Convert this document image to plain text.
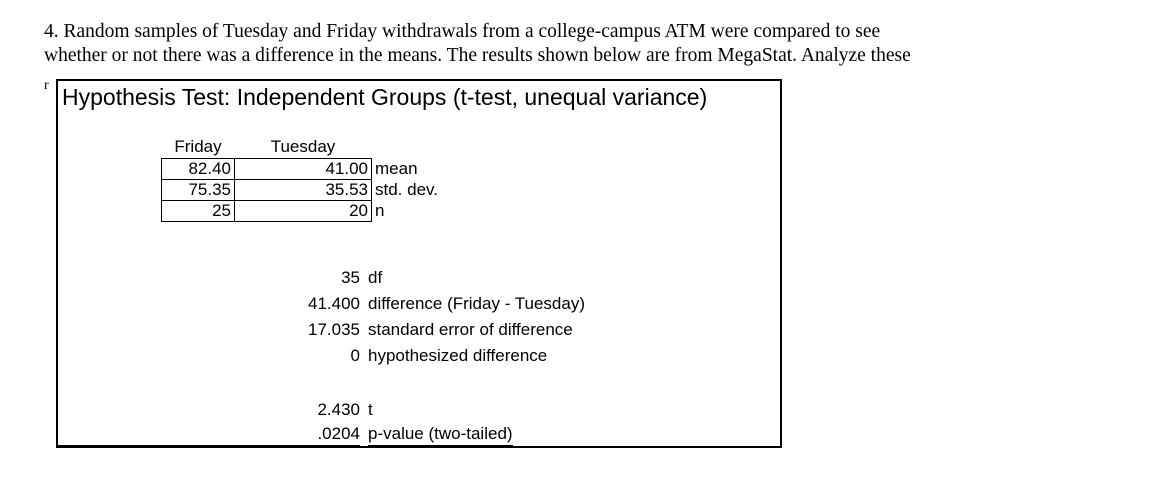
4. Random samples of Tuesday and Friday withdrawals from a college-campus ATM were compared to see
whether or not there was a difference in the means. The results shown below are from MegaStat. Analyze these
r Hypothesis Test: Independent Groups (t-test, unequal variance)
Friday	Tuesday	
82.40	41.00	mean
75.35	35.53	std. dev.
25	20	n
35 df
41.400 difference (Friday - Tuesday)
17.035 standard error of difference
0 hypothesized difference
2.430 t
.0204 p-value (two-tailed)
